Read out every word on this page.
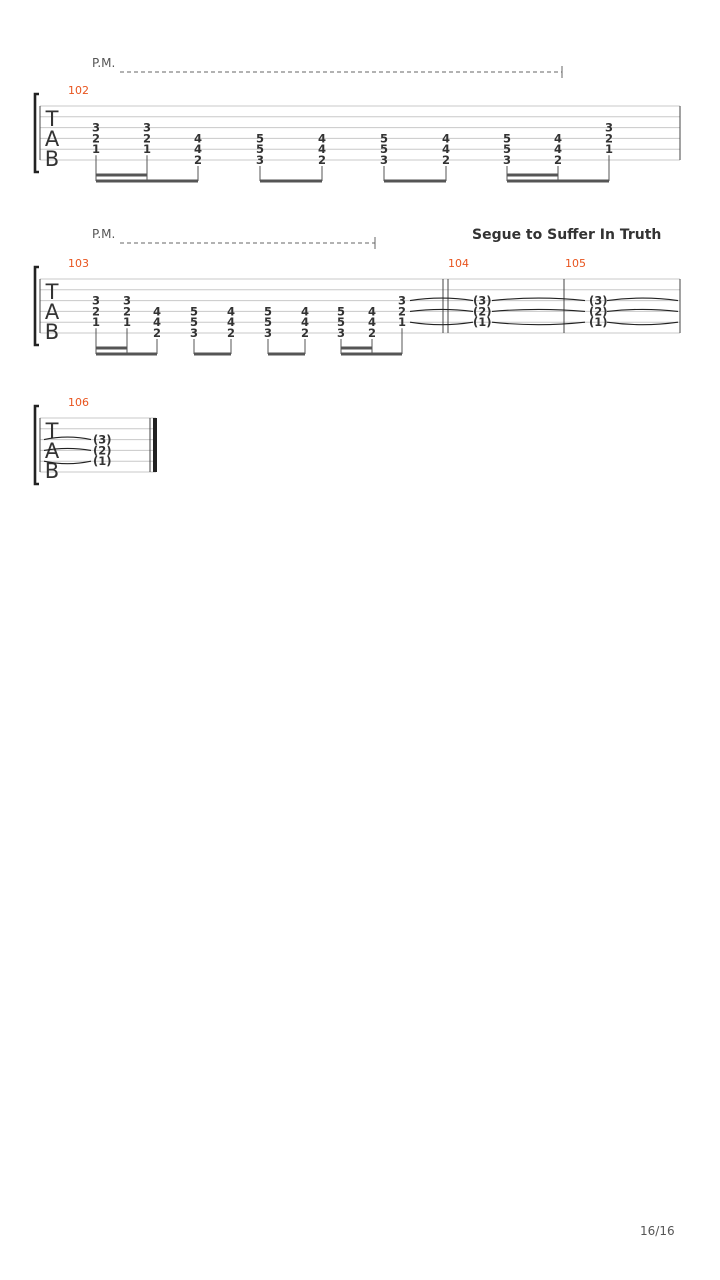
T
A
B
P.M.
102
3
2
1
3
2
1
4
4
2
5
5
3
4
4
2
5
5
3
4
4
2
5
5
3
4
4
2
3
2
1
T
A
B
P.M.	Segue to Suffer In Truth
103
3
2
1
3
2
1
4
4
2
5
5
3
4
4
2
5
5
3
4
4
2
5
5
3
4
4
2
3
2
1
104
(3)
(2)
(1)
105
(3)
(2)
(1)
T
A
B
106
(3)
(2)
(1)
16/16
